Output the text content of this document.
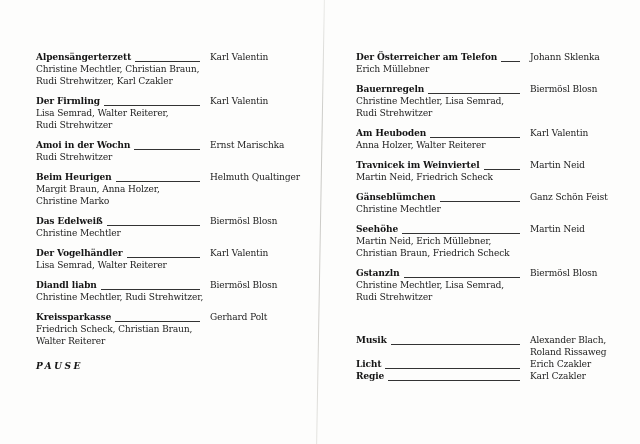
Alpensängerterzett	Karl Valentin
Christine Mechtler, Christian Braun,
Rudi Strehwitzer, Karl Czakler
Der Firmling	Karl Valentin
Lisa Semrad, Walter Reiterer,
Rudi Strehwitzer
Amoi in der Wochn	Ernst Marischka
Rudi Strehwitzer
Beim Heurigen	Helmuth Qualtinger
Margit Braun, Anna Holzer,
Christine Marko
Das Edelweiß	Biermösl Blosn
Christine Mechtler
Der Vogelhändler	Karl Valentin
Lisa Semrad, Walter Reiterer
Diandl liabn	Biermösl Blosn
Christine Mechtler, Rudi Strehwitzer,
Kreissparkasse	Gerhard Polt
Friedrich Scheck, Christian Braun,
Walter Reiterer
Der Österreicher am Telefon	Johann Sklenka
Erich Müllebner
Bauernregeln	Biermösl Blosn
Christine Mechtler, Lisa Semrad,
Rudi Strehwitzer
Am Heuboden	Karl Valentin
Anna Holzer, Walter Reiterer
Travnicek im Weinviertel	Martin Neid
Martin Neid, Friedrich Scheck
Gänseblümchen	Ganz Schön Feist
Christine Mechtler
Seehöhe	Martin Neid
Martin Neid, Erich Müllebner,
Christian Braun, Friedrich Scheck
Gstanzln	Biermösl Blosn
Christine Mechtler, Lisa Semrad,
Rudi Strehwitzer
Musik	Alexander Blach,
Roland Rissaweg
Licht	Erich Czakler
Regie	Karl Czakler
PAUSE
